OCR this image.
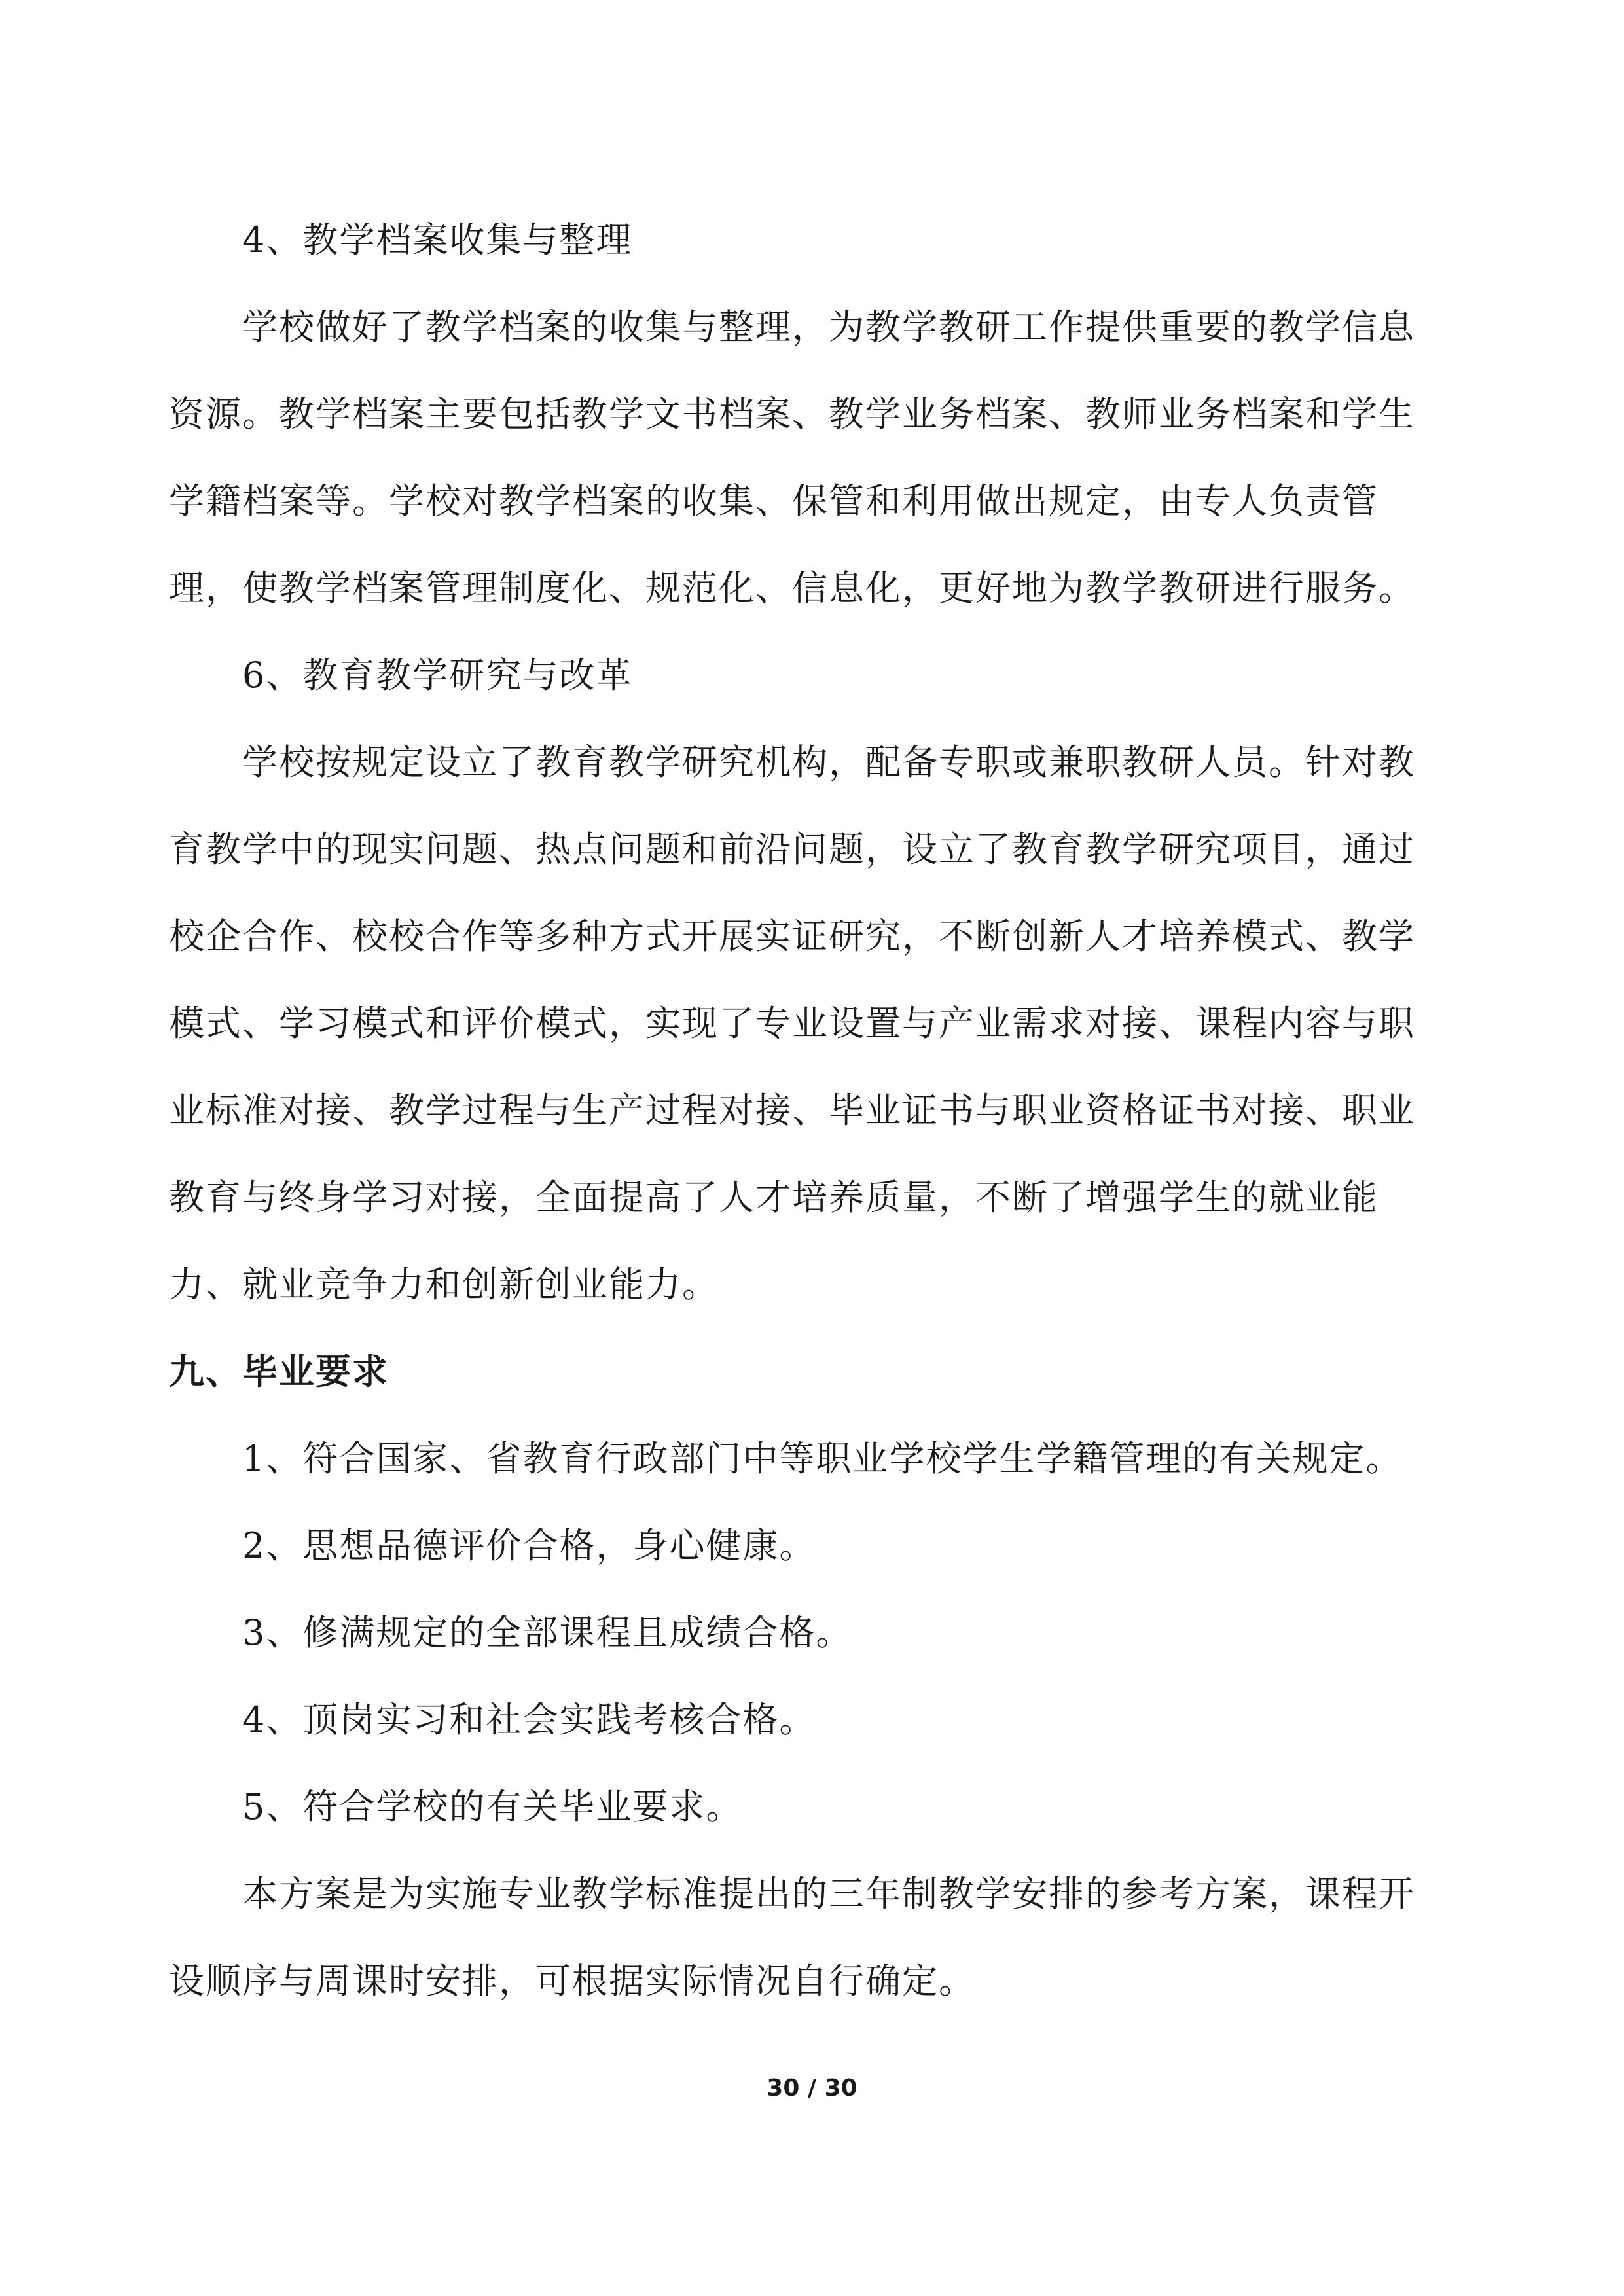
4、教学档案收集与整理
学校做好了教学档案的收集与整理，为教学教研工作提供重要的教学信息
资源。教学档案主要包括教学文书档案、教学业务档案、教师业务档案和学生
学籍档案等。学校对教学档案的收集、保管和利用做出规定，由专人负责管
理，使教学档案管理制度化、规范化、信息化，更好地为教学教研进行服务。
6、教育教学研究与改革
学校按规定设立了教育教学研究机构，配备专职或兼职教研人员。针对教
育教学中的现实问题、热点问题和前沿问题，设立了教育教学研究项目，通过
校企合作、校校合作等多种方式开展实证研究，不断创新人才培养模式、教学
模式、学习模式和评价模式，实现了专业设置与产业需求对接、课程内容与职
业标准对接、教学过程与生产过程对接、毕业证书与职业资格证书对接、职业
教育与终身学习对接，全面提高了人才培养质量，不断了增强学生的就业能
力、就业竞争力和创新创业能力。
九、毕业要求
1、符合国家、省教育行政部门中等职业学校学生学籍管理的有关规定。
2、思想品德评价合格，身心健康。
3、修满规定的全部课程且成绩合格。
4、顶岗实习和社会实践考核合格。
5、符合学校的有关毕业要求。
本方案是为实施专业教学标准提出的三年制教学安排的参考方案，课程开
设顺序与周课时安排，可根据实际情况自行确定。
30 / 30
